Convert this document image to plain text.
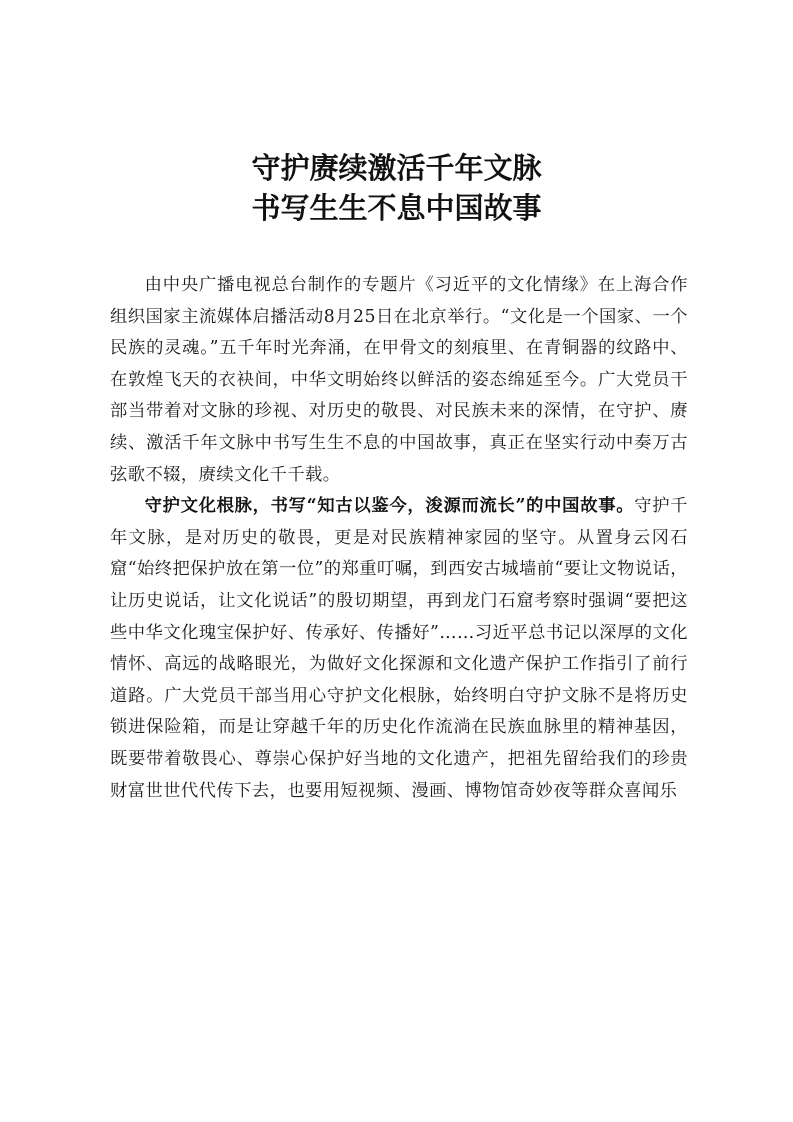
守护赓续激活千年文脉
书写生生不息中国故事

由中央广播电视总台制作的专题片《习近平的文化情缘》在上海合作组织国家主流媒体启播活动8月25日在北京举行。“文化是一个国家、一个民族的灵魂。”五千年时光奔涌，在甲骨文的刻痕里、在青铜器的纹路中、在敦煌飞天的衣袂间，中华文明始终以鲜活的姿态绵延至今。广大党员干部当带着对文脉的珍视、对历史的敬畏、对民族未来的深情，在守护、赓续、激活千年文脉中书写生生不息的中国故事，真正在坚实行动中奏万古弦歌不辍，赓续文化千千载。

守护文化根脉，书写“知古以鉴今，浚源而流长”的中国故事。守护千年文脉，是对历史的敬畏，更是对民族精神家园的坚守。从置身云冈石窟“始终把保护放在第一位”的郑重叮嘱，到西安古城墙前“要让文物说话，让历史说话，让文化说话”的殷切期望，再到龙门石窟考察时强调“要把这些中华文化瑰宝保护好、传承好、传播好”……习近平总书记以深厚的文化情怀、高远的战略眼光，为做好文化探源和文化遗产保护工作指引了前行道路。广大党员干部当用心守护文化根脉，始终明白守护文脉不是将历史锁进保险箱，而是让穿越千年的历史化作流淌在民族血脉里的精神基因，既要带着敬畏心、尊崇心保护好当地的文化遗产，把祖先留给我们的珍贵财富世世代代传下去，也要用短视频、漫画、博物馆奇妙夜等群众喜闻乐
